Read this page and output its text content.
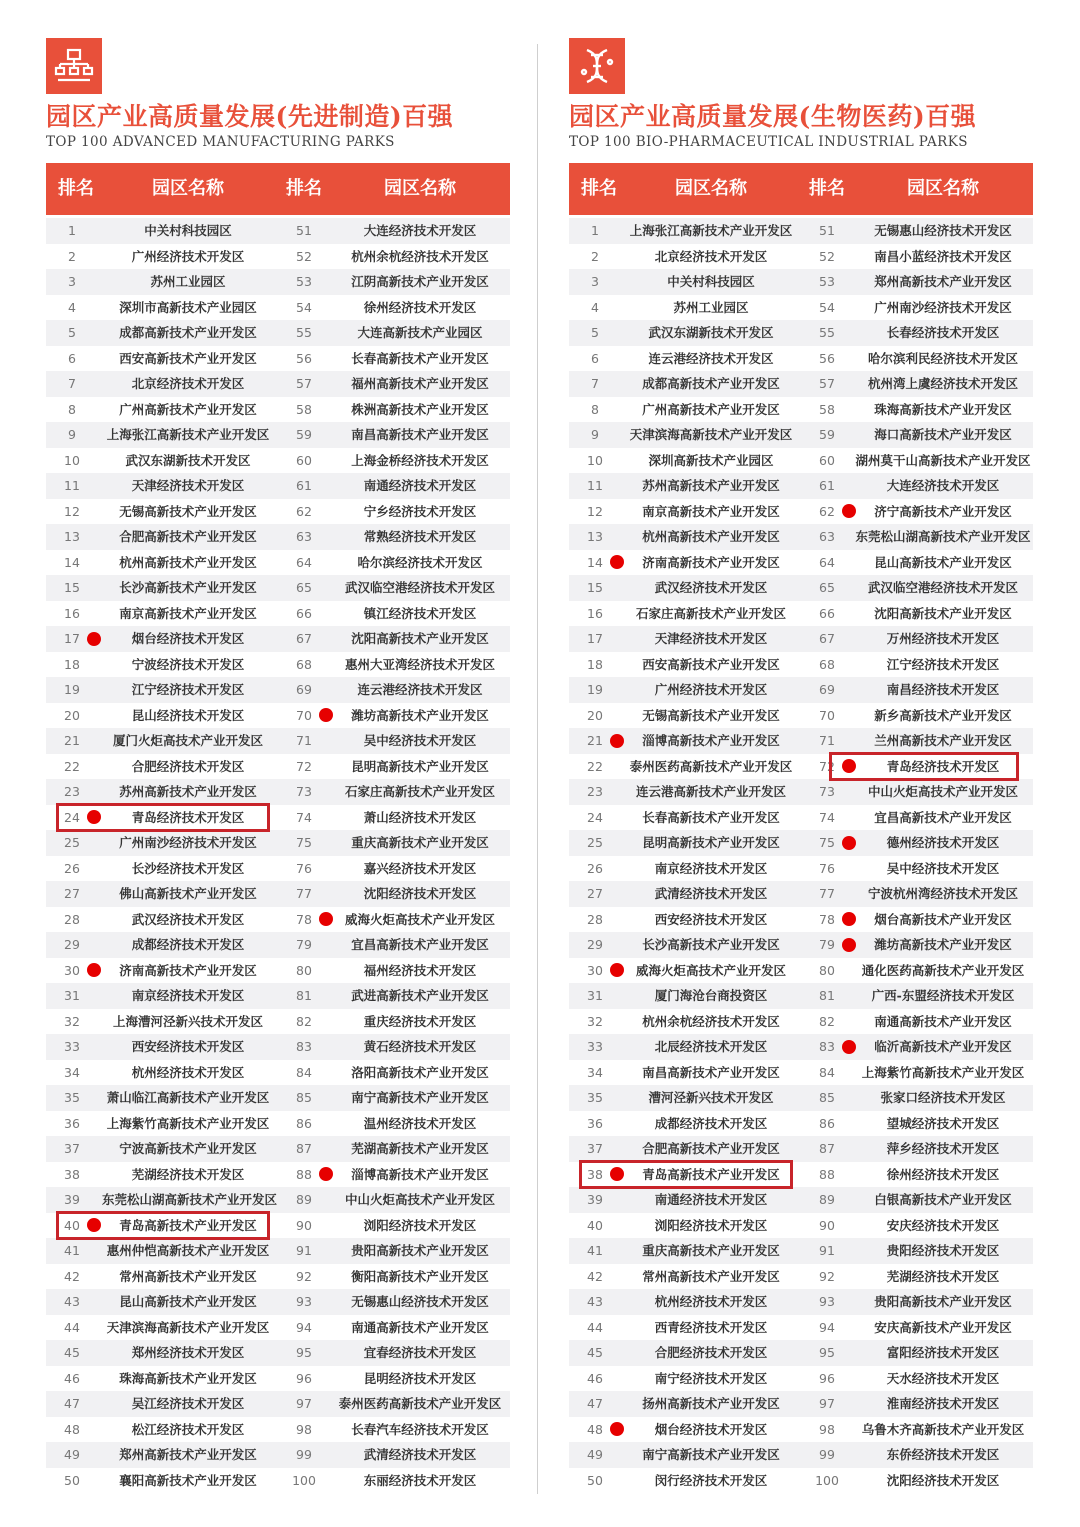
园区产业高质量发展(先进制造)百强
TOP 100 ADVANCED MANUFACTURING PARKS
排名	园区名称	排名	园区名称
1	中关村科技园区	51	大连经济技术开发区
2	广州经济技术开发区	52	杭州余杭经济技术开发区
3	苏州工业园区	53	江阴高新技术产业开发区
4	深圳市高新技术产业园区	54	徐州经济技术开发区
5	成都高新技术产业开发区	55	大连高新技术产业园区
6	西安高新技术产业开发区	56	长春高新技术产业开发区
7	北京经济技术开发区	57	福州高新技术产业开发区
8	广州高新技术产业开发区	58	株洲高新技术产业开发区
9	上海张江高新技术产业开发区	59	南昌高新技术产业开发区
10	武汉东湖新技术开发区	60	上海金桥经济技术开发区
11	天津经济技术开发区	61	南通经济技术开发区
12	无锡高新技术产业开发区	62	宁乡经济技术开发区
13	合肥高新技术产业开发区	63	常熟经济技术开发区
14	杭州高新技术产业开发区	64	哈尔滨经济技术开发区
15	长沙高新技术产业开发区	65	武汉临空港经济技术开发区
16	南京高新技术产业开发区	66	镇江经济技术开发区
17	烟台经济技术开发区	67	沈阳高新技术产业开发区
18	宁波经济技术开发区	68	惠州大亚湾经济技术开发区
19	江宁经济技术开发区	69	连云港经济技术开发区
20	昆山经济技术开发区	70	潍坊高新技术产业开发区
21	厦门火炬高技术产业开发区	71	吴中经济技术开发区
22	合肥经济技术开发区	72	昆明高新技术产业开发区
23	苏州高新技术产业开发区	73	石家庄高新技术产业开发区
24	青岛经济技术开发区	74	萧山经济技术开发区
25	广州南沙经济技术开发区	75	重庆高新技术产业开发区
26	长沙经济技术开发区	76	嘉兴经济技术开发区
27	佛山高新技术产业开发区	77	沈阳经济技术开发区
28	武汉经济技术开发区	78	威海火炬高技术产业开发区
29	成都经济技术开发区	79	宜昌高新技术产业开发区
30	济南高新技术产业开发区	80	福州经济技术开发区
31	南京经济技术开发区	81	武进高新技术产业开发区
32	上海漕河泾新兴技术开发区	82	重庆经济技术开发区
33	西安经济技术开发区	83	黄石经济技术开发区
34	杭州经济技术开发区	84	洛阳高新技术产业开发区
35	萧山临江高新技术产业开发区	85	南宁高新技术产业开发区
36	上海紫竹高新技术产业开发区	86	温州经济技术开发区
37	宁波高新技术产业开发区	87	芜湖高新技术产业开发区
38	芜湖经济技术开发区	88	淄博高新技术产业开发区
39	东莞松山湖高新技术产业开发区	89	中山火炬高技术产业开发区
40	青岛高新技术产业开发区	90	浏阳经济技术开发区
41	惠州仲恺高新技术产业开发区	91	贵阳高新技术产业开发区
42	常州高新技术产业开发区	92	衡阳高新技术产业开发区
43	昆山高新技术产业开发区	93	无锡惠山经济技术开发区
44	天津滨海高新技术产业开发区	94	南通高新技术产业开发区
45	郑州经济技术开发区	95	宜春经济技术开发区
46	珠海高新技术产业开发区	96	昆明经济技术开发区
47	吴江经济技术开发区	97	泰州医药高新技术产业开发区
48	松江经济技术开发区	98	长春汽车经济技术开发区
49	郑州高新技术产业开发区	99	武清经济技术开发区
50	襄阳高新技术产业开发区	100	东丽经济技术开发区
园区产业高质量发展(生物医药)百强
TOP 100 BIO-PHARMACEUTICAL INDUSTRIAL PARKS
排名	园区名称	排名	园区名称
1	上海张江高新技术产业开发区	51	无锡惠山经济技术开发区
2	北京经济技术开发区	52	南昌小蓝经济技术开发区
3	中关村科技园区	53	郑州高新技术产业开发区
4	苏州工业园区	54	广州南沙经济技术开发区
5	武汉东湖新技术开发区	55	长春经济技术开发区
6	连云港经济技术开发区	56	哈尔滨利民经济技术开发区
7	成都高新技术产业开发区	57	杭州湾上虞经济技术开发区
8	广州高新技术产业开发区	58	珠海高新技术产业开发区
9	天津滨海高新技术产业开发区	59	海口高新技术产业开发区
10	深圳高新技术产业园区	60	湖州莫干山高新技术产业开发区
11	苏州高新技术产业开发区	61	大连经济技术开发区
12	南京高新技术产业开发区	62	济宁高新技术产业开发区
13	杭州高新技术产业开发区	63	东莞松山湖高新技术产业开发区
14	济南高新技术产业开发区	64	昆山高新技术产业开发区
15	武汉经济技术开发区	65	武汉临空港经济技术开发区
16	石家庄高新技术产业开发区	66	沈阳高新技术产业开发区
17	天津经济技术开发区	67	万州经济技术开发区
18	西安高新技术产业开发区	68	江宁经济技术开发区
19	广州经济技术开发区	69	南昌经济技术开发区
20	无锡高新技术产业开发区	70	新乡高新技术产业开发区
21	淄博高新技术产业开发区	71	兰州高新技术产业开发区
22	泰州医药高新技术产业开发区	72	青岛经济技术开发区
23	连云港高新技术产业开发区	73	中山火炬高技术产业开发区
24	长春高新技术产业开发区	74	宜昌高新技术产业开发区
25	昆明高新技术产业开发区	75	德州经济技术开发区
26	南京经济技术开发区	76	吴中经济技术开发区
27	武清经济技术开发区	77	宁波杭州湾经济技术开发区
28	西安经济技术开发区	78	烟台高新技术产业开发区
29	长沙高新技术产业开发区	79	潍坊高新技术产业开发区
30	威海火炬高技术产业开发区	80	通化医药高新技术产业开发区
31	厦门海沧台商投资区	81	广西-东盟经济技术开发区
32	杭州余杭经济技术开发区	82	南通高新技术产业开发区
33	北辰经济技术开发区	83	临沂高新技术产业开发区
34	南昌高新技术产业开发区	84	上海紫竹高新技术产业开发区
35	漕河泾新兴技术开发区	85	张家口经济技术开发区
36	成都经济技术开发区	86	望城经济技术开发区
37	合肥高新技术产业开发区	87	萍乡经济技术开发区
38	青岛高新技术产业开发区	88	徐州经济技术开发区
39	南通经济技术开发区	89	白银高新技术产业开发区
40	浏阳经济技术开发区	90	安庆经济技术开发区
41	重庆高新技术产业开发区	91	贵阳经济技术开发区
42	常州高新技术产业开发区	92	芜湖经济技术开发区
43	杭州经济技术开发区	93	贵阳高新技术产业开发区
44	西青经济技术开发区	94	安庆高新技术产业开发区
45	合肥经济技术开发区	95	富阳经济技术开发区
46	南宁经济技术开发区	96	天水经济技术开发区
47	扬州高新技术产业开发区	97	淮南经济技术开发区
48	烟台经济技术开发区	98	乌鲁木齐高新技术产业开发区
49	南宁高新技术产业开发区	99	东侨经济技术开发区
50	闵行经济技术开发区	100	沈阳经济技术开发区
